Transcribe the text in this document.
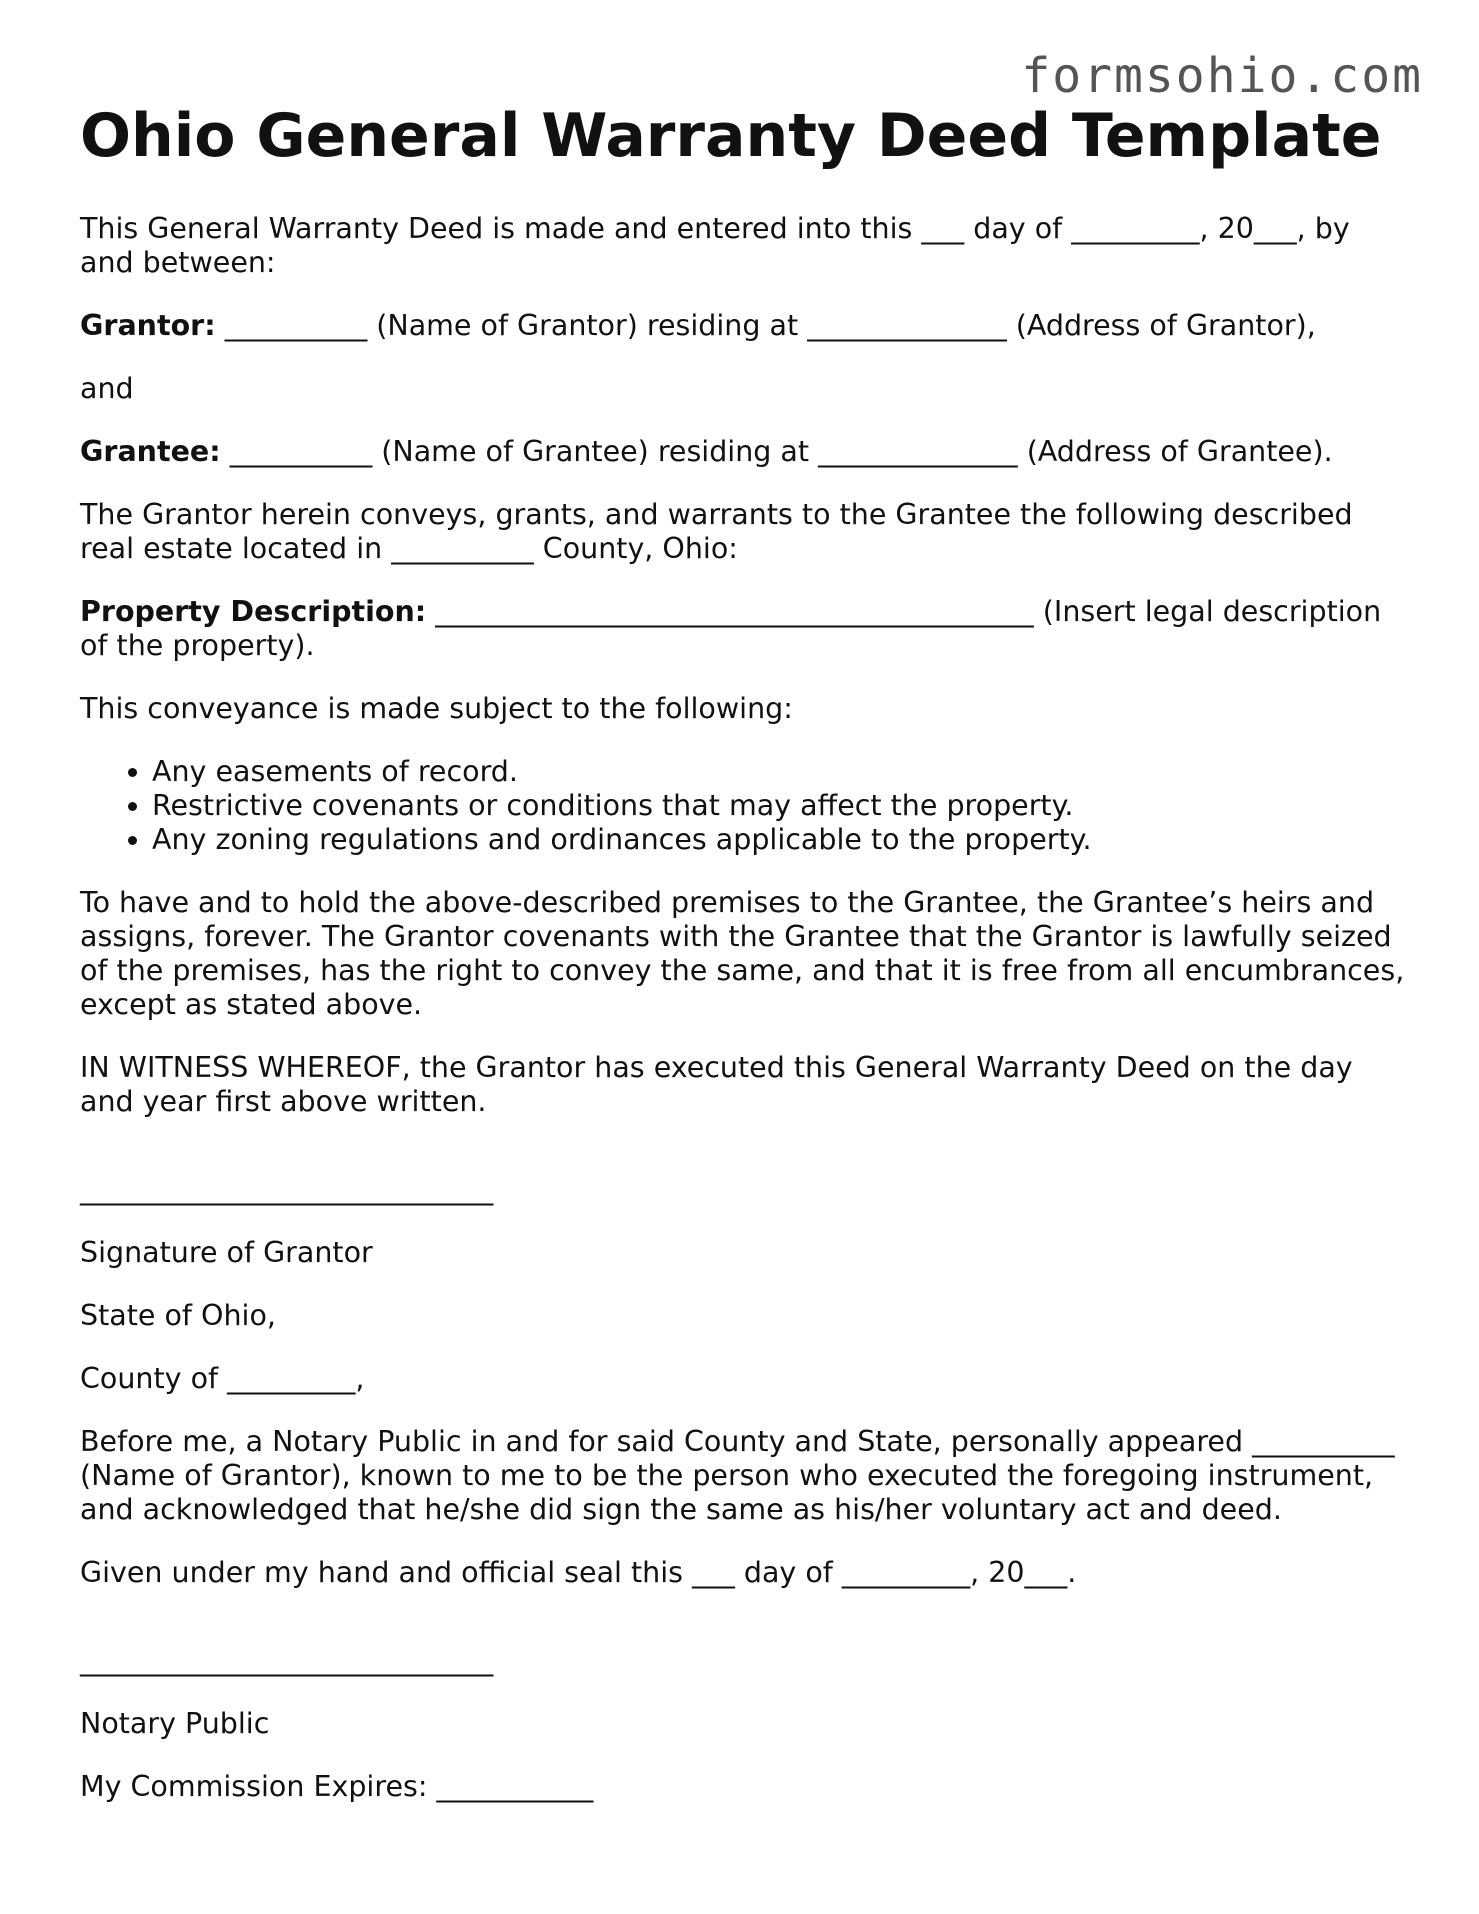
formsohio.com
Ohio General Warranty Deed Template

This General Warranty Deed is made and entered into this ___ day of _________, 20___, by and between:

Grantor: __________ (Name of Grantor) residing at ______________ (Address of Grantor),

and

Grantee: __________ (Name of Grantee) residing at ______________ (Address of Grantee).

The Grantor herein conveys, grants, and warrants to the Grantee the following described real estate located in __________ County, Ohio:

Property Description: __________________________________________ (Insert legal description of the property).

This conveyance is made subject to the following:

• Any easements of record.
• Restrictive covenants or conditions that may affect the property.
• Any zoning regulations and ordinances applicable to the property.

To have and to hold the above-described premises to the Grantee, the Grantee’s heirs and assigns, forever. The Grantor covenants with the Grantee that the Grantor is lawfully seized of the premises, has the right to convey the same, and that it is free from all encumbrances, except as stated above.

IN WITNESS WHEREOF, the Grantor has executed this General Warranty Deed on the day and year first above written.

_____________________________

Signature of Grantor

State of Ohio,

County of _________,

Before me, a Notary Public in and for said County and State, personally appeared __________ (Name of Grantor), known to me to be the person who executed the foregoing instrument, and acknowledged that he/she did sign the same as his/her voluntary act and deed.

Given under my hand and official seal this ___ day of _________, 20___.

_____________________________

Notary Public

My Commission Expires: ___________
